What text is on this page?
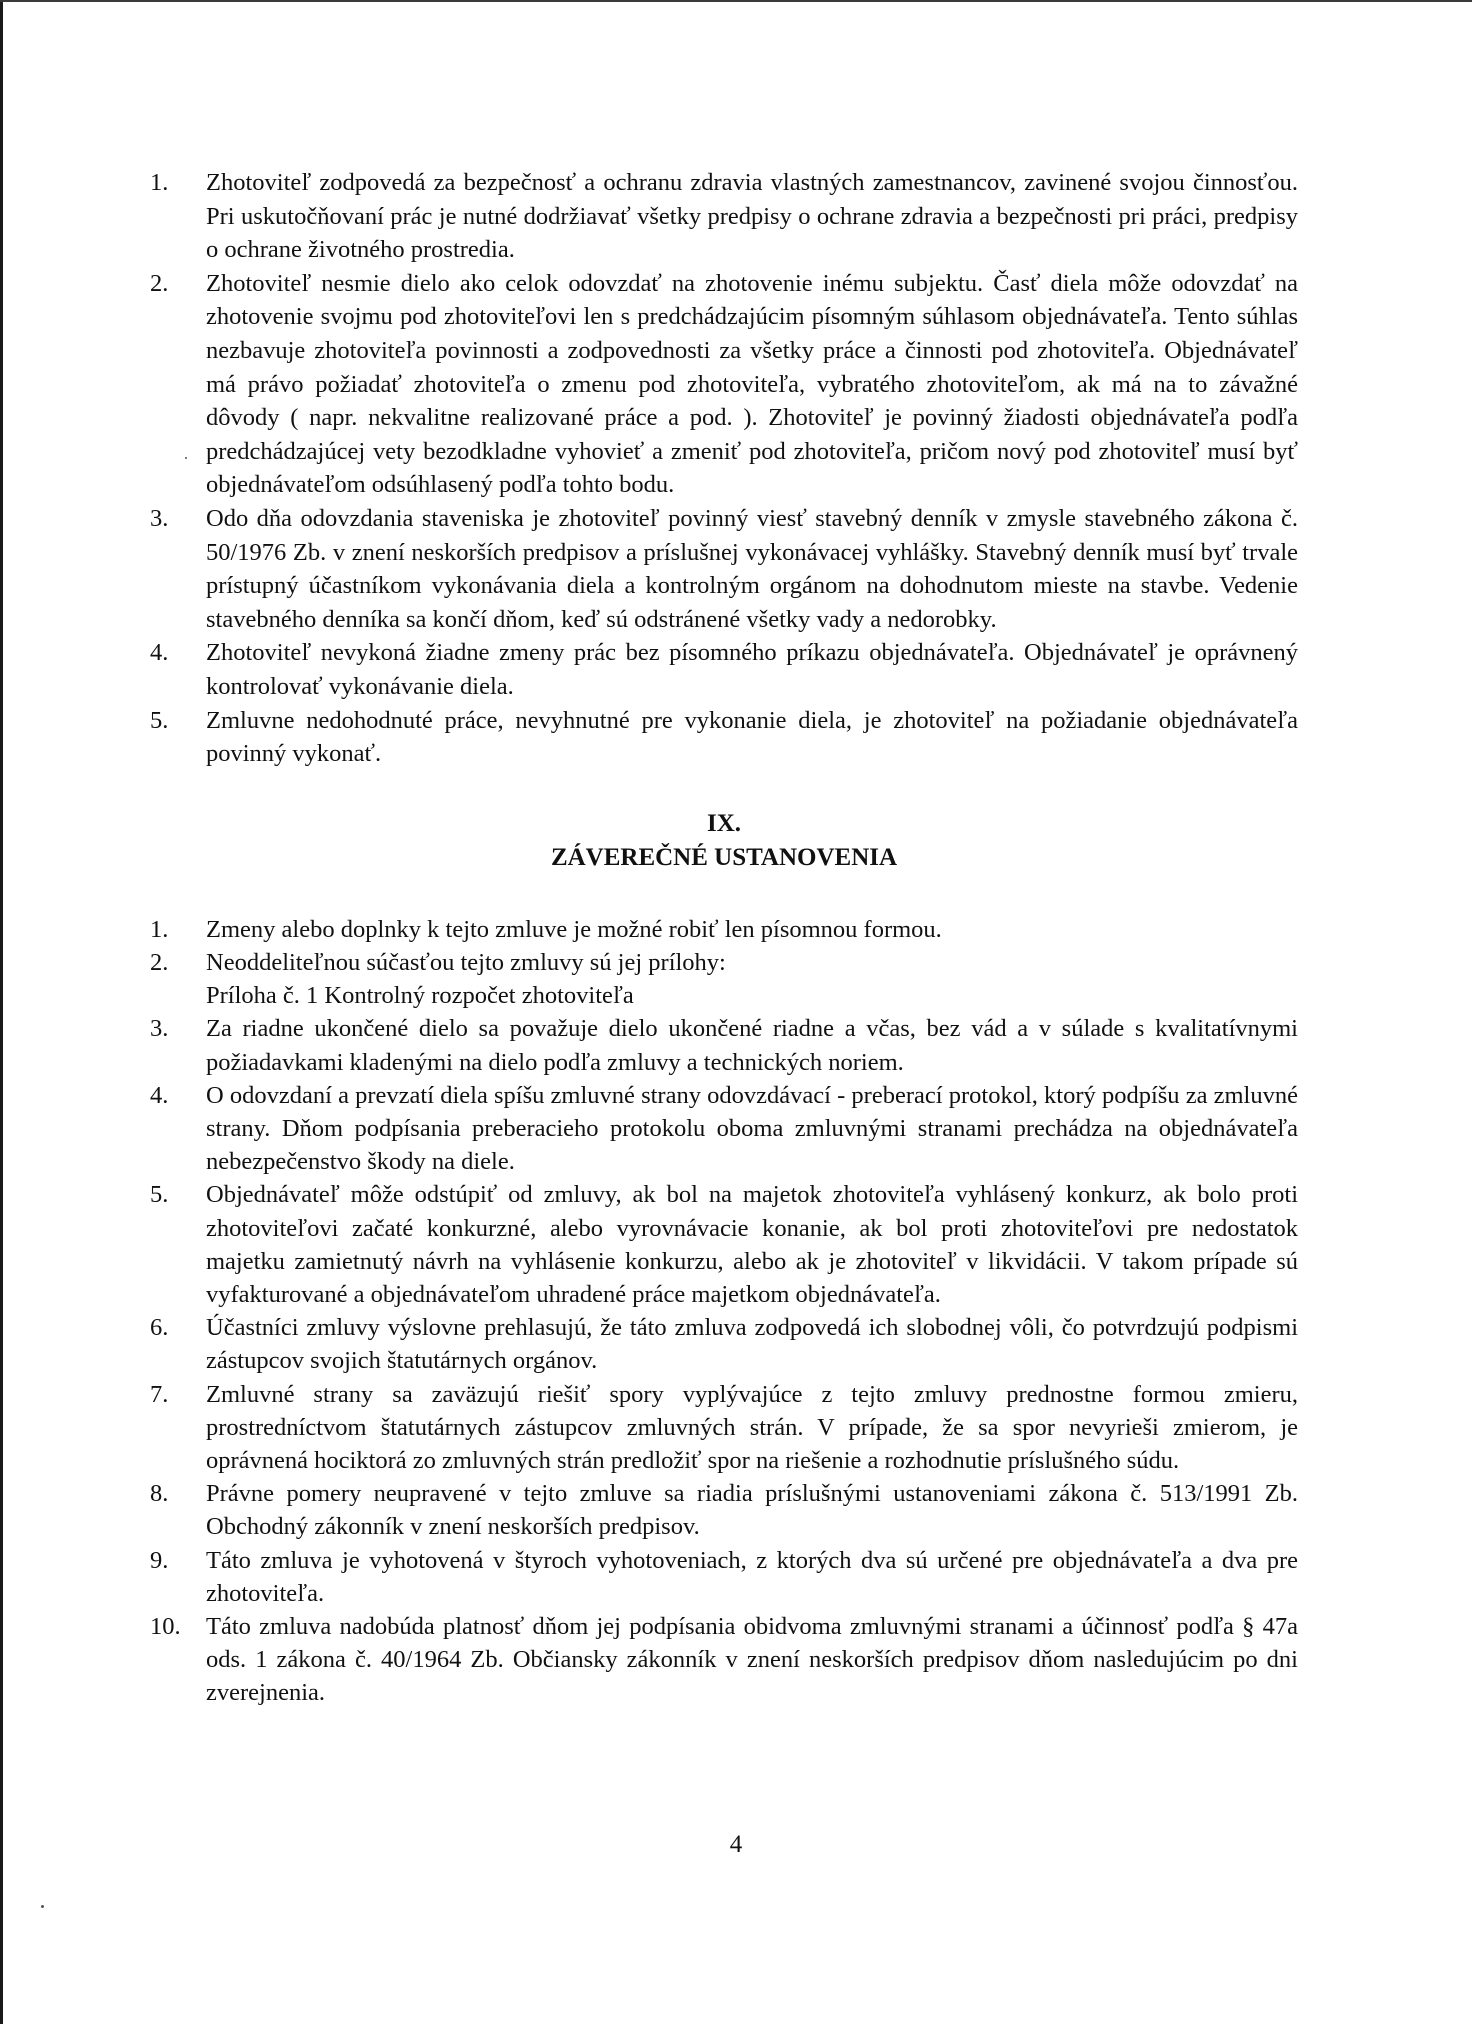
1.	Zhotoviteľ zodpovedá za bezpečnosť a ochranu zdravia vlastných zamestnancov, zavinené svojou činnosťou. Pri uskutočňovaní prác je nutné dodržiavať všetky predpisy o ochrane zdravia a bezpečnosti pri práci, predpisy o ochrane životného prostredia.
2.	Zhotoviteľ nesmie dielo ako celok odovzdať na zhotovenie inému subjektu. Časť diela môže odovzdať na zhotovenie svojmu pod zhotoviteľovi len s predchádzajúcim písomným súhlasom objednávateľa. Tento súhlas nezbavuje zhotoviteľa povinnosti a zodpovednosti za všetky práce a činnosti pod zhotoviteľa. Objednávateľ má právo požiadať zhotoviteľa o zmenu pod zhotoviteľa, vybratého zhotoviteľom, ak má na to závažné dôvody ( napr. nekvalitne realizované práce a pod. ). Zhotoviteľ je povinný žiadosti objednávateľa podľa predchádzajúcej vety bezodkladne vyhovieť a zmeniť pod zhotoviteľa, pričom nový pod zhotoviteľ musí byť objednávateľom odsúhlasený podľa tohto bodu.
3.	Odo dňa odovzdania staveniska je zhotoviteľ povinný viesť stavebný denník v zmysle stavebného zákona č. 50/1976 Zb. v znení neskorších predpisov a príslušnej vykonávacej vyhlášky. Stavebný denník musí byť trvale prístupný účastníkom vykonávania diela a kontrolným orgánom na dohodnutom mieste na stavbe. Vedenie stavebného denníka sa končí dňom, keď sú odstránené všetky vady a nedorobky.
4.	Zhotoviteľ nevykoná žiadne zmeny prác bez písomného príkazu objednávateľa. Objednávateľ je oprávnený kontrolovať vykonávanie diela.
5.	Zmluvne nedohodnuté práce, nevyhnutné pre vykonanie diela, je zhotoviteľ na požiadanie objednávateľa povinný vykonať.
IX.
ZÁVEREČNÉ USTANOVENIA
1.	Zmeny alebo doplnky k tejto zmluve je možné robiť len písomnou formou.
2.	Neoddeliteľnou súčasťou tejto zmluvy sú jej prílohy:
Príloha č. 1 Kontrolný rozpočet zhotoviteľa
3.	Za riadne ukončené dielo sa považuje dielo ukončené riadne a včas, bez vád a v súlade s kvalitatívnymi požiadavkami kladenými na dielo podľa zmluvy a technických noriem.
4.	O odovzdaní a prevzatí diela spíšu zmluvné strany odovzdávací - preberací protokol, ktorý podpíšu za zmluvné strany. Dňom podpísania preberacieho protokolu oboma zmluvnými stranami prechádza na objednávateľa nebezpečenstvo škody na diele.
5.	Objednávateľ môže odstúpiť od zmluvy, ak bol na majetok zhotoviteľa vyhlásený konkurz, ak bolo proti zhotoviteľovi začaté konkurzné, alebo vyrovnávacie konanie, ak bol proti zhotoviteľovi pre nedostatok majetku zamietnutý návrh na vyhlásenie konkurzu, alebo ak je zhotoviteľ v likvidácii. V takom prípade sú vyfakturované a objednávateľom uhradené práce majetkom objednávateľa.
6.	Účastníci zmluvy výslovne prehlasujú, že táto zmluva zodpovedá ich slobodnej vôli, čo potvrdzujú podpismi zástupcov svojich štatutárnych orgánov.
7.	Zmluvné strany sa zaväzujú riešiť spory vyplývajúce z tejto zmluvy prednostne formou zmieru, prostredníctvom štatutárnych zástupcov zmluvných strán. V prípade, že sa spor nevyrieši zmierom, je oprávnená hociktorá zo zmluvných strán predložiť spor na riešenie a rozhodnutie príslušného súdu.
8.	Právne pomery neupravené v tejto zmluve sa riadia príslušnými ustanoveniami zákona č. 513/1991 Zb. Obchodný zákonník v znení neskorších predpisov.
9.	Táto zmluva je vyhotovená v štyroch vyhotoveniach, z ktorých dva sú určené pre objednávateľa a dva pre zhotoviteľa.
10.	Táto zmluva nadobúda platnosť dňom jej podpísania obidvoma zmluvnými stranami a účinnosť podľa § 47a ods. 1 zákona č. 40/1964 Zb. Občiansky zákonník v znení neskorších predpisov dňom nasledujúcim po dni zverejnenia.
4
